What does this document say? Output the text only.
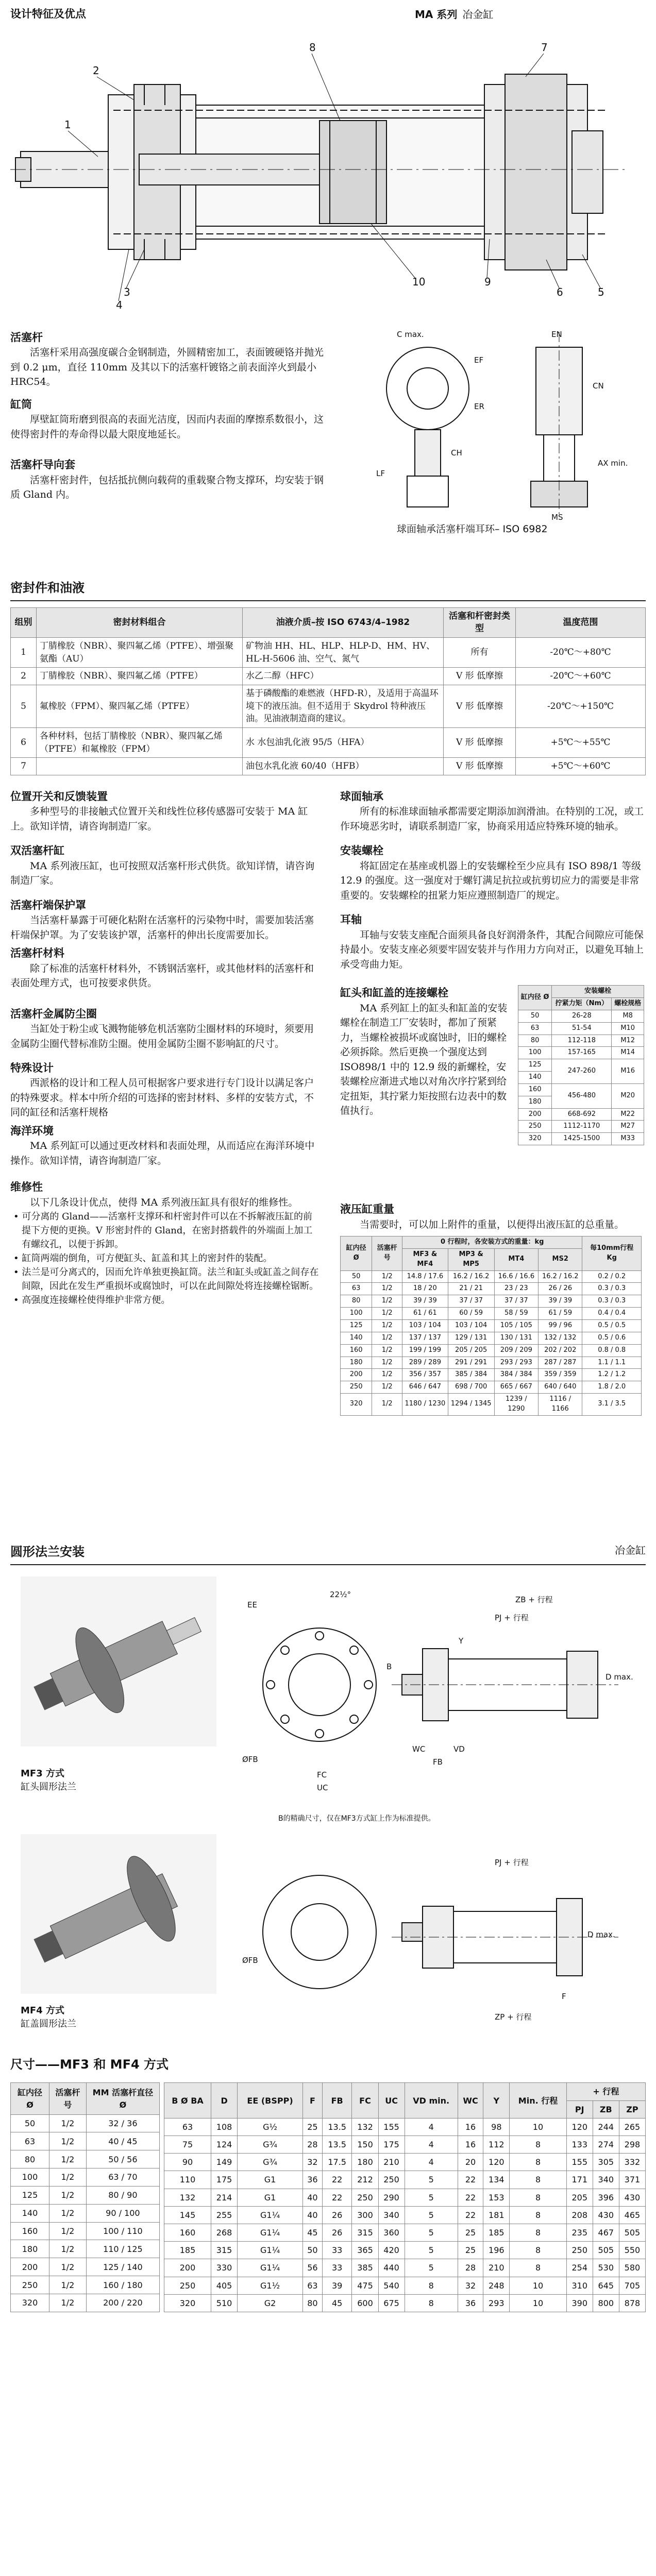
设计特征及优点	MA 系列 冶金缸
1
2
3
4
5
6
7
8
9
10
活塞杆

活塞杆采用高强度碳合金钢制造，外圆精密加工，表面镀硬铬并抛光到 0.2 μm，直径 110mm 及其以下的活塞杆镀铬之前表面淬火到最小 HRC54。

缸筒

厚壁缸筒珩磨到很高的表面光洁度，因而内表面的摩擦系数很小，这使得密封件的寿命得以最大限度地延长。

活塞杆导向套

活塞杆密封件，包括抵抗侧向载荷的重载聚合物支撑环，均安装于钢质 Gland 内。

C max.	EN
CN
EF
ER
CH
AX min.
LF
MS
球面轴承活塞杆端耳环– ISO 6982
密封件和油液
组别	密封材料组合	油液介质–按 ISO 6743/4–1982	活塞和杆密封类型	温度范围
1	丁腈橡胶（NBR）、聚四氟乙烯（PTFE）、增强聚氨酯（AU）	矿物油 HH、HL、HLP、HLP-D、HM、HV、HL-H-5606 油、空气、氮气	所有	-20℃～+80℃
2	丁腈橡胶（NBR）、聚四氟乙烯（PTFE）	水乙二醇（HFC）	V 形 低摩擦	-20℃～+60℃
5	氟橡胶（FPM）、聚四氟乙烯（PTFE）	基于磷酸酯的难燃液（HFD-R），及适用于高温环境下的液压油。但不适用于 Skydrol 特种液压油。见油液制造商的建议。	V 形 低摩擦	-20℃～+150℃
6	各种材料，包括丁腈橡胶（NBR）、聚四氟乙烯（PTFE）和氟橡胶（FPM）	水 水包油乳化液 95/5（HFA）	V 形 低摩擦	+5℃～+55℃
7		油包水乳化液 60/40（HFB）	V 形 低摩擦	+5℃～+60℃
位置开关和反馈装置

多种型号的非接触式位置开关和线性位移传感器可安装于 MA 缸上。欲知详情，请咨询制造厂家。

双活塞杆缸

MA 系列液压缸，也可按照双活塞杆形式供货。欲知详情，请咨询制造厂家。

活塞杆端保护罩

当活塞杆暴露于可硬化粘附在活塞杆的污染物中时，需要加装活塞杆端保护罩。为了安装该护罩，活塞杆的伸出长度需要加长。

活塞杆材料

除了标准的活塞杆材料外，不锈钢活塞杆，或其他材料的活塞杆和表面处理方式，也可按要求供货。

活塞杆金属防尘圈

当缸处于粉尘或飞溅物能够危机活塞防尘圈材料的环境时，须要用金属防尘圈代替标准防尘圈。使用金属防尘圈不影响缸的尺寸。

特殊设计

西派格的设计和工程人员可根据客户要求进行专门设计以满足客户的特殊要求。样本中所介绍的可选择的密封材料、多样的安装方式，不同的缸径和活塞杆规格

海洋环境

MA 系列缸可以通过更改材料和表面处理，从而适应在海洋环境中操作。欲知详情，请咨询制造厂家。

维修性

以下几条设计优点，使得 MA 系列液压缸具有很好的维修性。

• 可分离的 Gland——活塞杆支撑环和杆密封件可以在不拆解液压缸的前提下方便的更换。V 形密封件的 Gland，在密封搭载件的外端面上加工有螺纹孔，以便于拆卸。

• 缸筒两端的倒角，可方便缸头、缸盖和其上的密封件的装配。

• 法兰是可分离式的，因而允许单独更换缸筒。法兰和缸头或缸盖之间存在间隙，因此在发生严重损坏或腐蚀时，可以在此间隙处将连接螺栓锯断。

• 高强度连接螺栓使得维护非常方便。

球面轴承

所有的标准球面轴承都需要定期添加润滑油。在特别的工况，或工作环境恶劣时，请联系制造厂家，协商采用适应特殊环境的轴承。

安装螺栓

将缸固定在基座或机器上的安装螺栓至少应具有 ISO 898/1 等级 12.9 的强度。这一强度对于螺钉满足抗拉或抗剪切应力的需要是非常重要的。安装螺栓的扭紧力矩应遵照制造厂的规定。

耳轴

耳轴与安装支座配合面须具备良好润滑条件，其配合间隙应可能保持最小。安装支座必须要牢固安装并与作用力方向对正，以避免耳轴上承受弯曲力矩。

缸头和缸盖的连接螺栓

MA 系列缸上的缸头和缸盖的安装螺栓在制造工厂安装时，都加了预紧力，当螺栓被损坏或腐蚀时，旧的螺栓必须拆除。然后更换一个强度达到 ISO898/1 中的 12.9 级的新螺栓，安装螺栓应渐进式地以对角次序拧紧到给定扭矩，其拧紧力矩按照右边表中的数值执行。

缸内径 Ø	安装螺栓	
	拧紧力矩（Nm）	螺栓规格
50	26-28	M8
63	51-54	M10
80	112-118	M12
100	157-165	M14
125	247-260	M16
140		
160	456-480	M20
180		
200	668-692	M22
250	1112-1170	M27
320	1425-1500	M33
液压缸重量

当需要时，可以加上附件的重量，以便得出液压缸的总重量。

缸内径 Ø	活塞杆号	0 行程时，各安装方式的重量：kg				每10mm行程 Kg
		MF3 & MF4	MP3 & MP5	MT4	MS2	
50	1/2	14.8 / 17.6	16.2 / 16.2	16.6 / 16.6	16.2 / 16.2	0.2 / 0.2
63	1/2	18 / 20	21 / 21	23 / 23	26 / 26	0.3 / 0.3
80	1/2	39 / 39	37 / 37	37 / 37	39 / 39	0.3 / 0.3
100	1/2	61 / 61	60 / 59	58 / 59	61 / 59	0.4 / 0.4
125	1/2	103 / 104	103 / 104	105 / 105	99 / 96	0.5 / 0.5
140	1/2	137 / 137	129 / 131	130 / 131	132 / 132	0.5 / 0.6
160	1/2	199 / 199	205 / 205	209 / 209	202 / 202	0.8 / 0.8
180	1/2	289 / 289	291 / 291	293 / 293	287 / 287	1.1 / 1.1
200	1/2	356 / 357	385 / 384	384 / 384	359 / 359	1.2 / 1.2
250	1/2	646 / 647	698 / 700	665 / 667	640 / 640	1.8 / 2.0
320	1/2	1180 / 1230	1294 / 1345	1239 / 1290	1116 / 1166	3.1 / 3.5
圆形法兰安装	冶金缸
MF3 方式
缸头圆形法兰
EE
FC
UC
B
ØFB
22½°
ZB + 行程
PJ + 行程
WC
FB
VD
D max.
Y
B的精确尺寸，仅在MF3方式缸上作为标准提供。
MF4 方式
缸盖圆形法兰
ØFB
PJ + 行程
ZP + 行程
D max.
F
尺寸——MF3 和 MF4 方式
缸内径 Ø	活塞杆号	MM 活塞杆直径 Ø
50	1/2	32 / 36
63	1/2	40 / 45
80	1/2	50 / 56
100	1/2	63 / 70
125	1/2	80 / 90
140	1/2	90 / 100
160	1/2	100 / 110
180	1/2	110 / 125
200	1/2	125 / 140
250	1/2	160 / 180
320	1/2	200 / 220
B Ø BA	D	EE (BSPP)	F	FB	FC	UC	VD min.	WC	Y	Min. 行程	+ 行程		
											PJ	ZB	ZP
63	108	G½	25	13.5	132	155	4	16	98	10	120	244	265
75	124	G¾	28	13.5	150	175	4	16	112	8	133	274	298
90	149	G¾	32	17.5	180	210	4	20	120	8	155	305	332
110	175	G1	36	22	212	250	5	22	134	8	171	340	371
132	214	G1	40	22	250	290	5	22	153	8	205	396	430
145	255	G1¼	40	26	300	340	5	22	181	8	208	430	465
160	268	G1¼	45	26	315	360	5	25	185	8	235	467	505
185	315	G1¼	50	33	365	420	5	25	196	8	250	505	550
200	330	G1¼	56	33	385	440	5	28	210	8	254	530	580
250	405	G1½	63	39	475	540	8	32	248	10	310	645	705
320	510	G2	80	45	600	675	8	36	293	10	390	800	878
